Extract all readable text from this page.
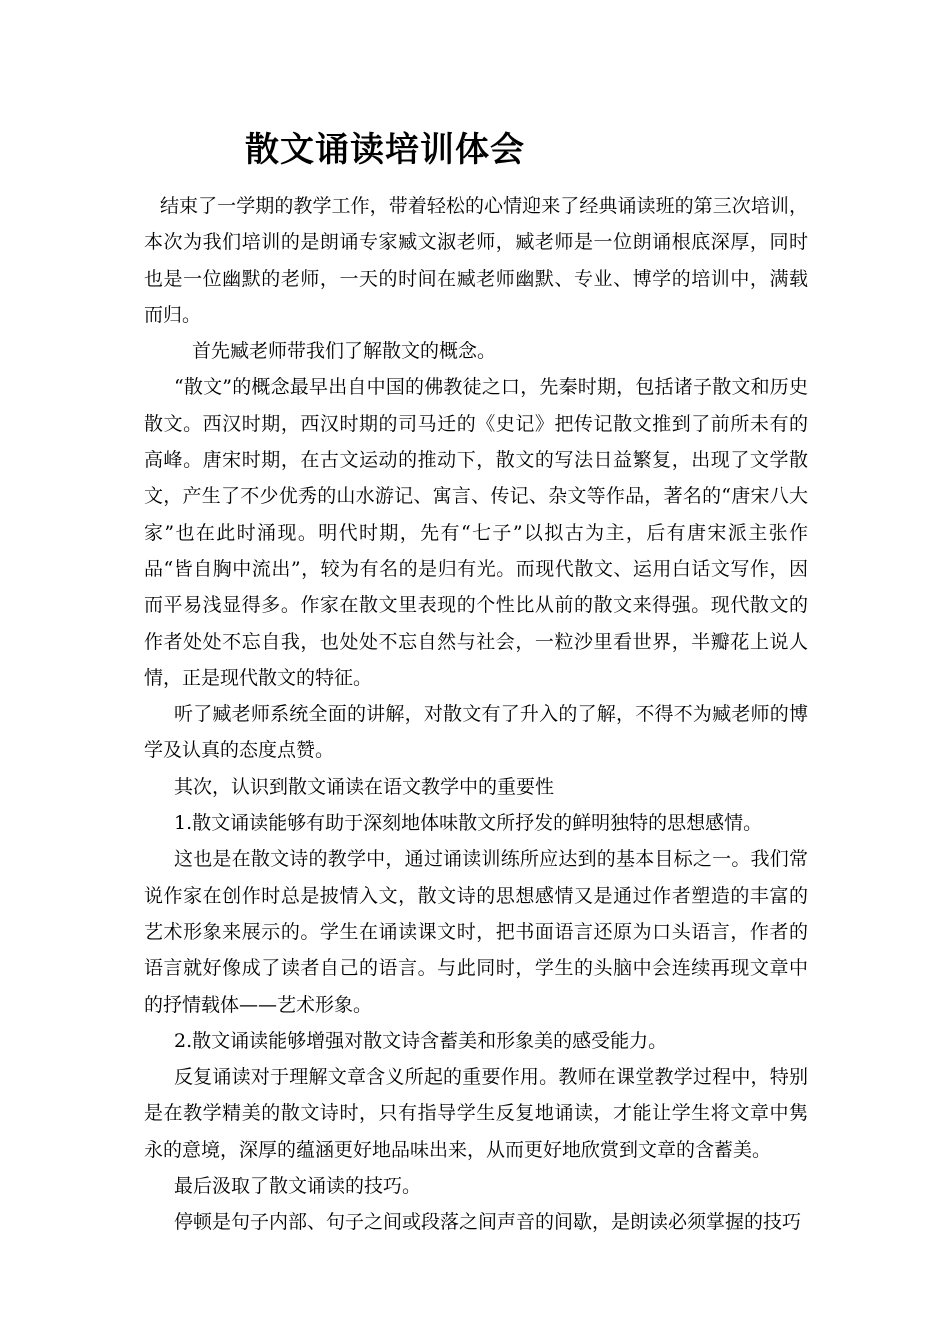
散文诵读培训体会

结束了一学期的教学工作，带着轻松的心情迎来了经典诵读班的第三次培训，本次为我们培训的是朗诵专家臧文淑老师，臧老师是一位朗诵根底深厚，同时也是一位幽默的老师，一天的时间在臧老师幽默、专业、博学的培训中，满载而归。

首先臧老师带我们了解散文的概念。

“散文”的概念最早出自中国的佛教徒之口，先秦时期，包括诸子散文和历史散文。西汉时期，西汉时期的司马迁的《史记》把传记散文推到了前所未有的高峰。唐宋时期，在古文运动的推动下，散文的写法日益繁复，出现了文学散文，产生了不少优秀的山水游记、寓言、传记、杂文等作品，著名的“唐宋八大家”也在此时涌现。明代时期，先有“七子”以拟古为主，后有唐宋派主张作品“皆自胸中流出”，较为有名的是归有光。而现代散文、运用白话文写作，因而平易浅显得多。作家在散文里表现的个性比从前的散文来得强。现代散文的作者处处不忘自我，也处处不忘自然与社会，一粒沙里看世界，半瓣花上说人情，正是现代散文的特征。

听了臧老师系统全面的讲解，对散文有了升入的了解，不得不为臧老师的博学及认真的态度点赞。

其次，认识到散文诵读在语文教学中的重要性

1.散文诵读能够有助于深刻地体味散文所抒发的鲜明独特的思想感情。

这也是在散文诗的教学中，通过诵读训练所应达到的基本目标之一。我们常说作家在创作时总是披情入文，散文诗的思想感情又是通过作者塑造的丰富的艺术形象来展示的。学生在诵读课文时，把书面语言还原为口头语言，作者的语言就好像成了读者自己的语言。与此同时，学生的头脑中会连续再现文章中的抒情载体——艺术形象。

2.散文诵读能够增强对散文诗含蓄美和形象美的感受能力。

反复诵读对于理解文章含义所起的重要作用。教师在课堂教学过程中，特别是在教学精美的散文诗时，只有指导学生反复地诵读，才能让学生将文章中隽永的意境，深厚的蕴涵更好地品味出来，从而更好地欣赏到文章的含蓄美。

最后汲取了散文诵读的技巧。

停顿是句子内部、句子之间或段落之间声音的间歇，是朗读必须掌握的技巧
